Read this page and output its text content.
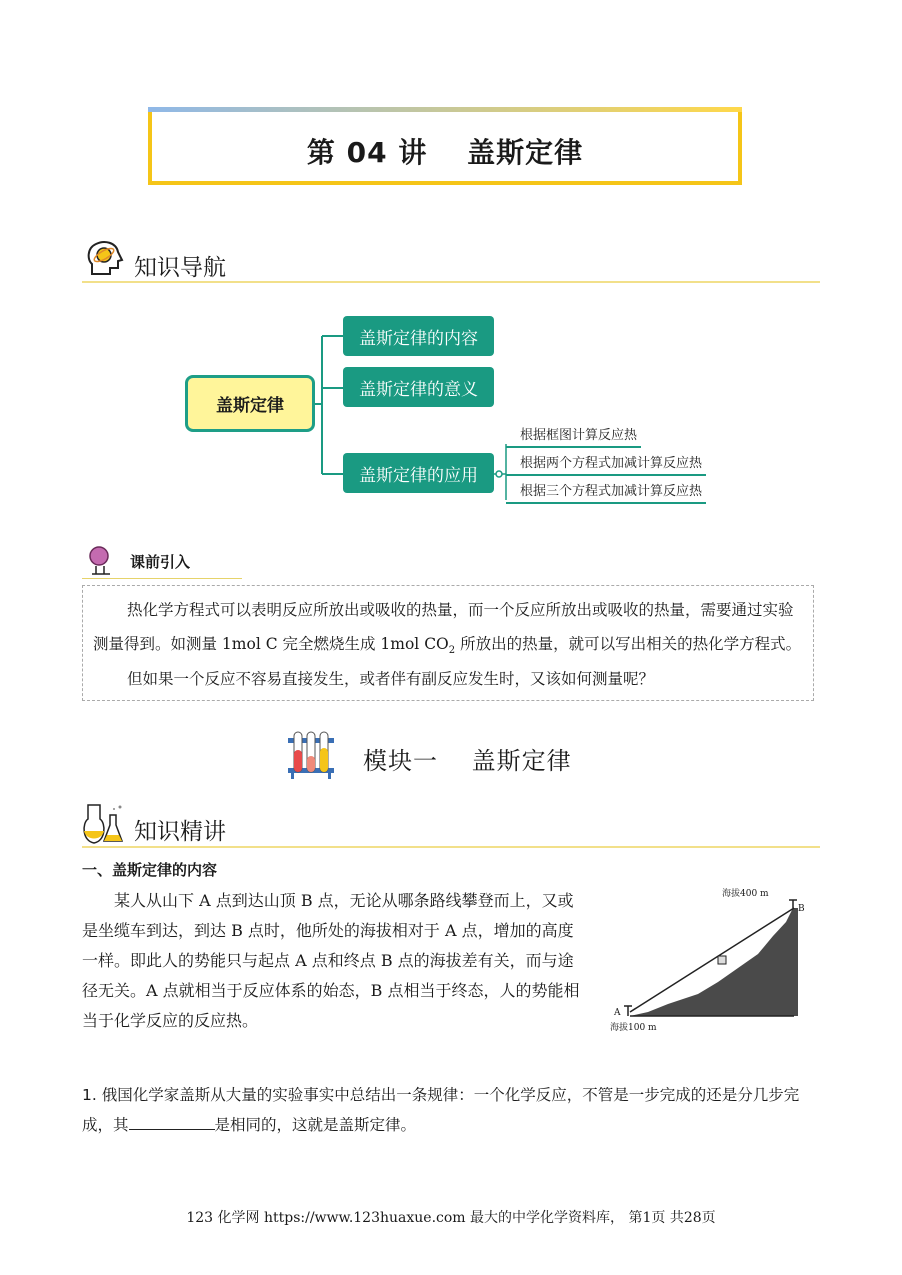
第 04 讲　 盖斯定律
知识导航
盖斯定律
盖斯定律的内容
盖斯定律的意义
盖斯定律的应用
根据框图计算反应热
根据两个方程式加减计算反应热
根据三个方程式加减计算反应热
课前引入

热化学方程式可以表明反应所放出或吸收的热量，而一个反应所放出或吸收的热量，需要通过实验

测量得到。如测量 1mol C 完全燃烧生成 1mol $CO_2$ 所放出的热量，就可以写出相关的热化学方程式。

但如果一个反应不容易直接发生，或者伴有副反应发生时，又该如何测量呢？

模块一　 盖斯定律
知识精讲
一、盖斯定律的内容
　　某人从山下 A 点到达山顶 B 点，无论从哪条路线攀登而上，又或
是坐缆车到达，到达 B 点时，他所处的海拔相对于 A 点，增加的高度
一样。即此人的势能只与起点 A 点和终点 B 点的海拔差有关，而与途
径无关。A 点就相当于反应体系的始态，B 点相当于终态，人的势能相
当于化学反应的反应热。
海拔400 m
B
A
海拔100 m
1. 俄国化学家盖斯从大量的实验事实中总结出一条规律：一个化学反应，不管是一步完成的还是分几步完
成，其	是相同的，这就是盖斯定律。
123 化学网 https://www.123huaxue.com 最大的中学化学资料库， 第1页 共28页
